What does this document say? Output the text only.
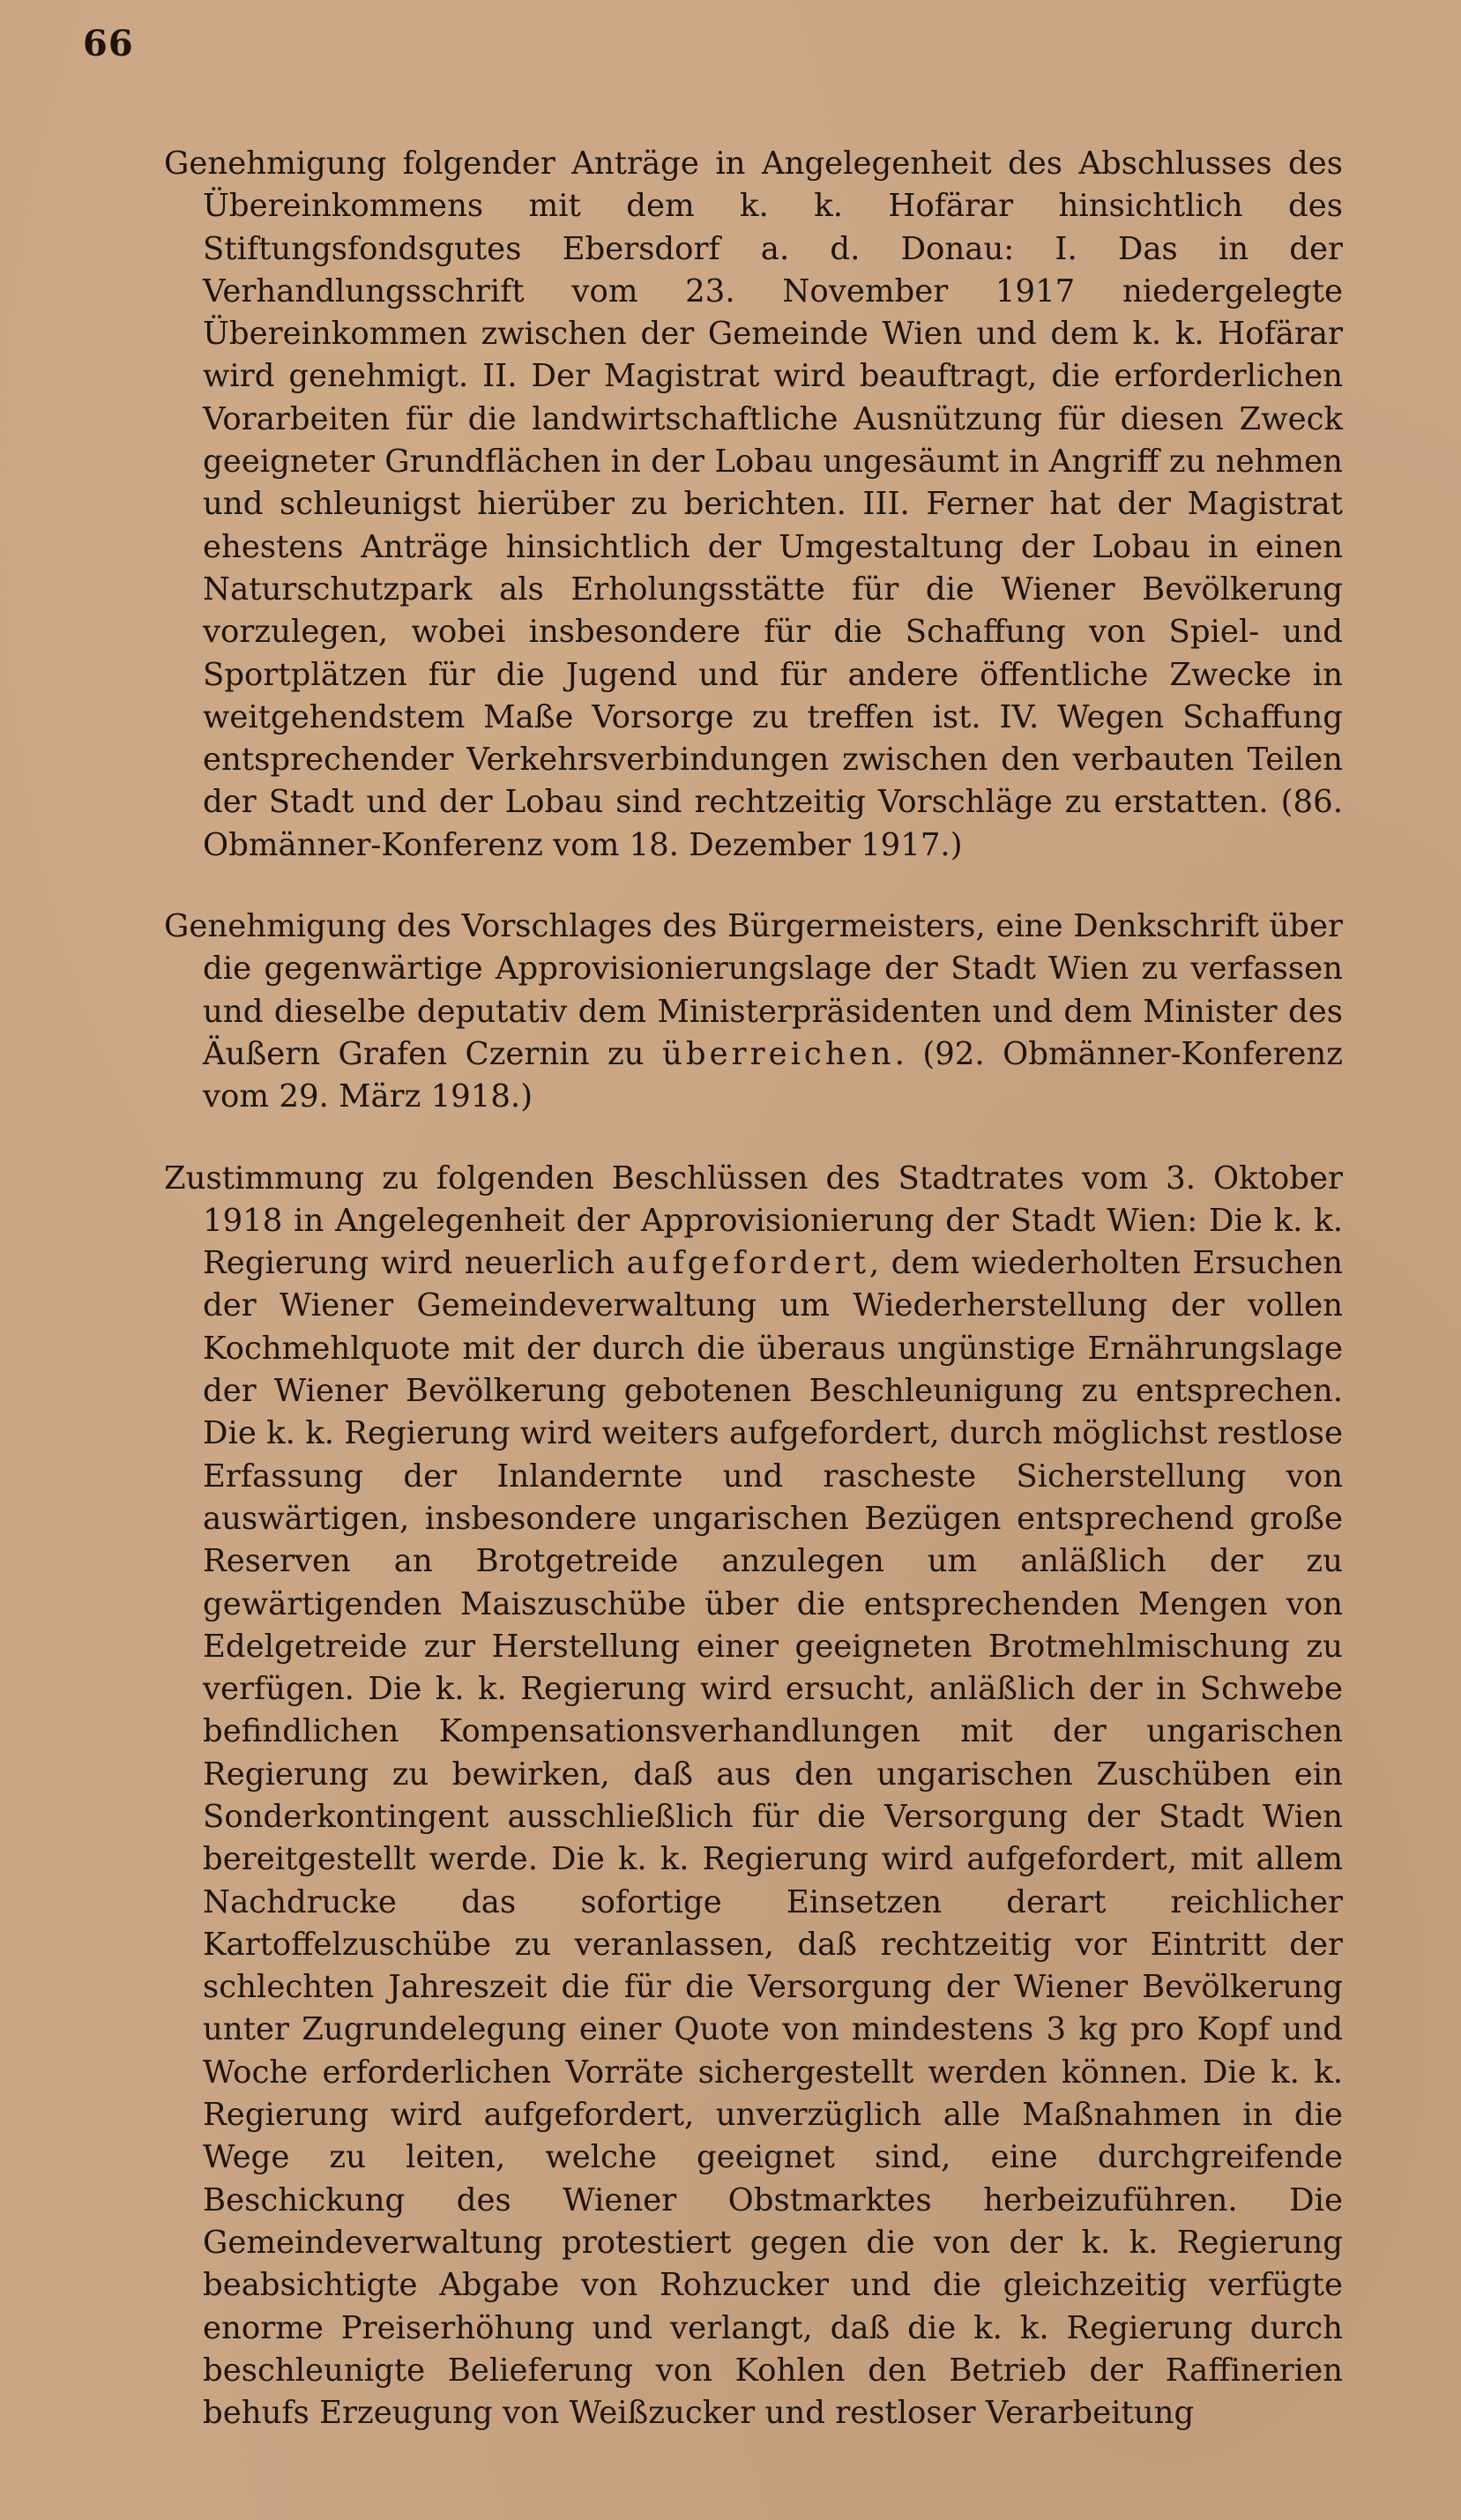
66

Genehmigung folgender Anträge in Angelegenheit des Abschlusses des Übereinkommens mit dem k. k. Hofärar hinsichtlich des Stiftungsfondsgutes Ebersdorf a. d. Donau: I. Das in der Verhandlungsschrift vom 23. November 1917 niedergelegte Übereinkommen zwischen der Gemeinde Wien und dem k. k. Hofärar wird genehmigt. II. Der Magistrat wird beauftragt, die erforderlichen Vorarbeiten für die landwirtschaftliche Ausnützung für diesen Zweck geeigneter Grundflächen in der Lobau ungesäumt in Angriff zu nehmen und schleunigst hierüber zu berichten. III. Ferner hat der Magistrat ehestens Anträge hinsichtlich der Umgestaltung der Lobau in einen Naturschutzpark als Erholungsstätte für die Wiener Bevölkerung vorzulegen, wobei insbesondere für die Schaffung von Spiel- und Sportplätzen für die Jugend und für andere öffentliche Zwecke in weitgehendstem Maße Vorsorge zu treffen ist. IV. Wegen Schaffung entsprechender Verkehrsverbindungen zwischen den verbauten Teilen der Stadt und der Lobau sind rechtzeitig Vorschläge zu erstatten. (86. Obmänner-Konferenz vom 18. Dezember 1917.)

Genehmigung des Vorschlages des Bürgermeisters, eine Denkschrift über die gegenwärtige Approvisionierungslage der Stadt Wien zu verfassen und dieselbe deputativ dem Ministerpräsidenten und dem Minister des Äußern Grafen Czernin zu überreichen. (92. Obmänner-Konferenz vom 29. März 1918.)

Zustimmung zu folgenden Beschlüssen des Stadtrates vom 3. Oktober 1918 in Angelegenheit der Approvisionierung der Stadt Wien: Die k. k. Regierung wird neuerlich aufgefordert, dem wiederholten Ersuchen der Wiener Gemeindeverwaltung um Wiederherstellung der vollen Kochmehlquote mit der durch die überaus ungünstige Ernährungslage der Wiener Bevölkerung gebotenen Beschleunigung zu entsprechen. Die k. k. Regierung wird weiters aufgefordert, durch möglichst restlose Erfassung der Inlandernte und rascheste Sicherstellung von auswärtigen, insbesondere ungarischen Bezügen entsprechend große Reserven an Brotgetreide anzulegen um anläßlich der zu gewärtigenden Maiszuschübe über die entsprechenden Mengen von Edelgetreide zur Herstellung einer geeigneten Brotmehlmischung zu verfügen. Die k. k. Regierung wird ersucht, anläßlich der in Schwebe befindlichen Kompensationsverhandlungen mit der ungarischen Regierung zu bewirken, daß aus den ungarischen Zuschüben ein Sonderkontingent ausschließlich für die Versorgung der Stadt Wien bereitgestellt werde. Die k. k. Regierung wird aufgefordert, mit allem Nachdrucke das sofortige Einsetzen derart reichlicher Kartoffelzuschübe zu veranlassen, daß rechtzeitig vor Eintritt der schlechten Jahreszeit die für die Versorgung der Wiener Bevölkerung unter Zugrundelegung einer Quote von mindestens 3 kg pro Kopf und Woche erforderlichen Vorräte sichergestellt werden können. Die k. k. Regierung wird aufgefordert, unverzüglich alle Maßnahmen in die Wege zu leiten, welche geeignet sind, eine durchgreifende Beschickung des Wiener Obstmarktes herbeizuführen. Die Gemeindeverwaltung protestiert gegen die von der k. k. Regierung beabsichtigte Abgabe von Rohzucker und die gleichzeitig verfügte enorme Preiserhöhung und verlangt, daß die k. k. Regierung durch beschleunigte Belieferung von Kohlen den Betrieb der Raffinerien behufs Erzeugung von Weißzucker und restloser Verarbeitung
